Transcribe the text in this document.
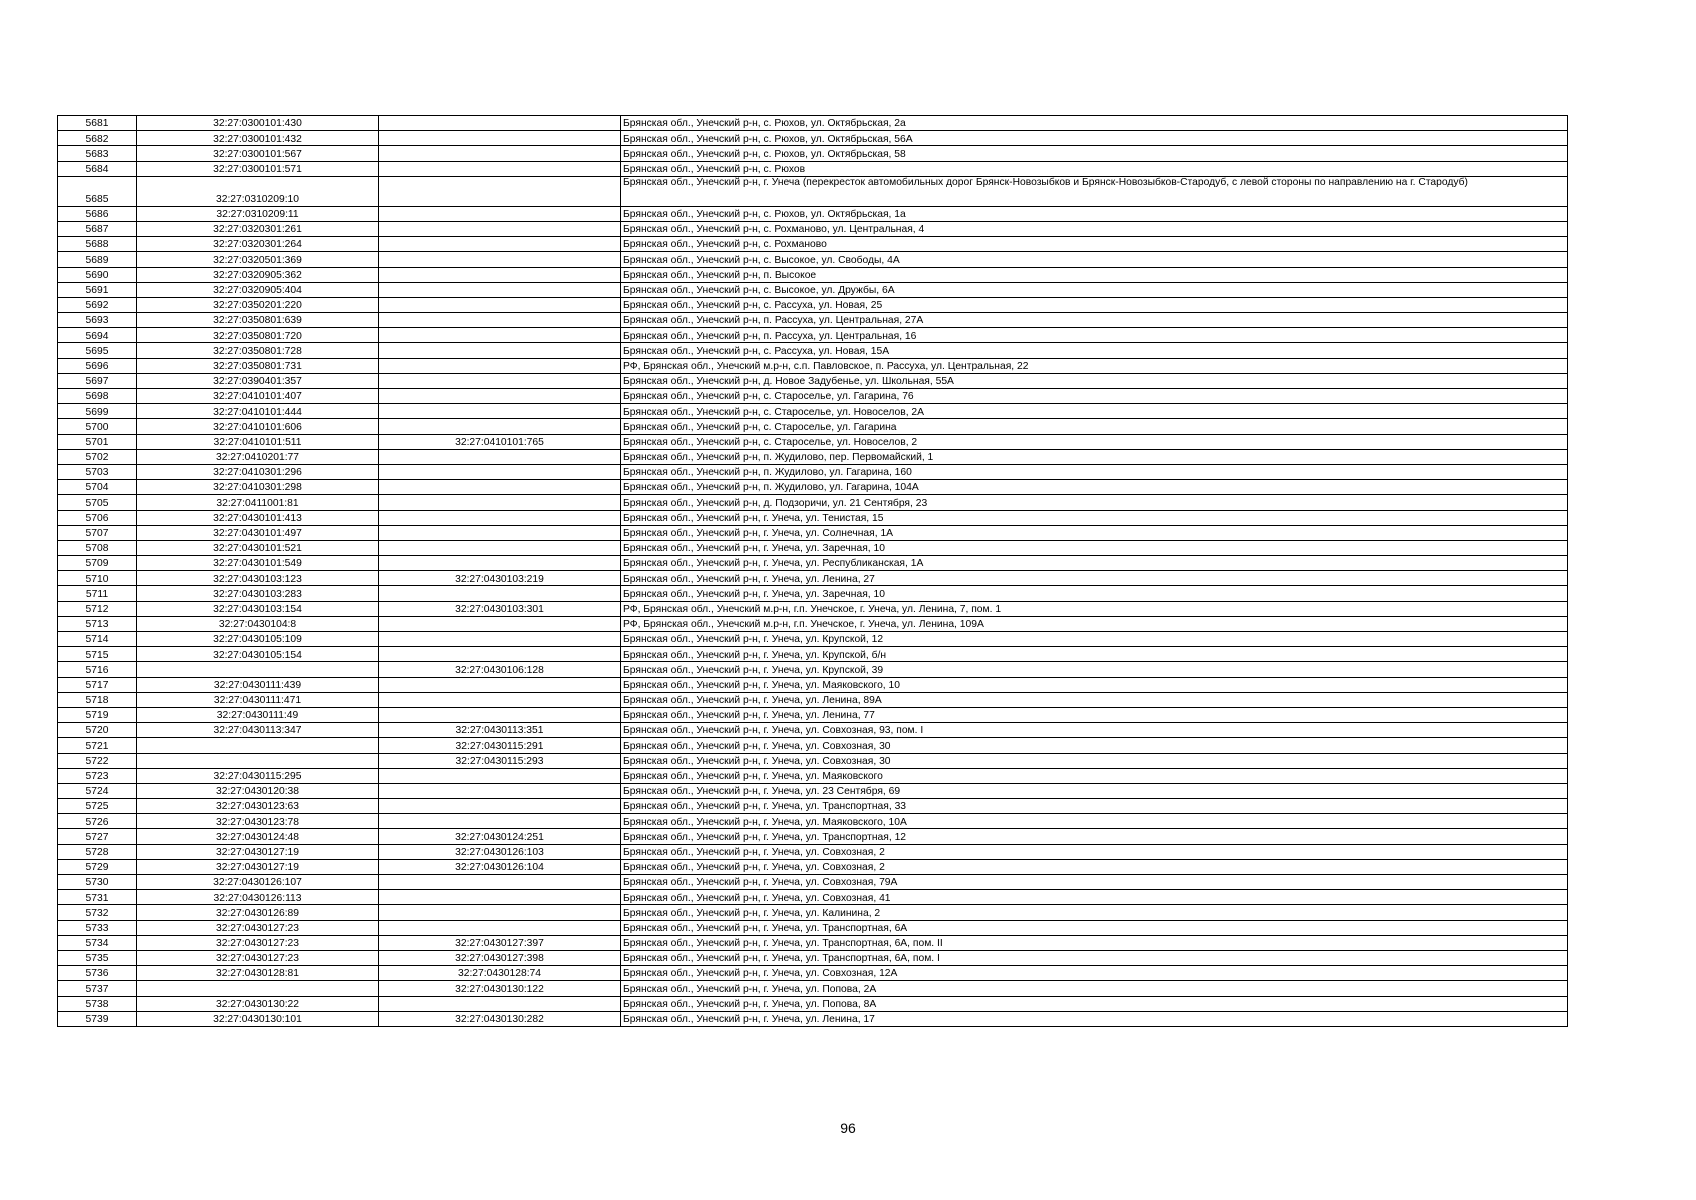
5681	32:27:0300101:430		Брянская обл., Унечский р-н, с. Рюхов, ул. Октябрьская, 2а
5682	32:27:0300101:432		Брянская обл., Унечский р-н, с. Рюхов, ул. Октябрьская, 56А
5683	32:27:0300101:567		Брянская обл., Унечский р-н, с. Рюхов, ул. Октябрьская, 58
5684	32:27:0300101:571		Брянская обл., Унечский р-н, с. Рюхов
5685	32:27:0310209:10		Брянская обл., Унечский р-н, г. Унеча (перекресток автомобильных дорог Брянск-Новозыбков и Брянск-Новозыбков-Стародуб, с левой стороны по направлению на г. Стародуб)
5686	32:27:0310209:11		Брянская обл., Унечский р-н, с. Рюхов, ул. Октябрьская, 1а
5687	32:27:0320301:261		Брянская обл., Унечский р-н, с. Рохманово, ул. Центральная, 4
5688	32:27:0320301:264		Брянская обл., Унечский р-н, с. Рохманово
5689	32:27:0320501:369		Брянская обл., Унечский р-н, с. Высокое, ул. Свободы, 4А
5690	32:27:0320905:362		Брянская обл., Унечский р-н, п. Высокое
5691	32:27:0320905:404		Брянская обл., Унечский р-н, с. Высокое, ул. Дружбы, 6А
5692	32:27:0350201:220		Брянская обл., Унечский р-н, с. Рассуха, ул. Новая, 25
5693	32:27:0350801:639		Брянская обл., Унечский р-н, п. Рассуха, ул. Центральная, 27А
5694	32:27:0350801:720		Брянская обл., Унечский р-н, п. Рассуха, ул. Центральная, 16
5695	32:27:0350801:728		Брянская обл., Унечский р-н, с. Рассуха, ул. Новая, 15А
5696	32:27:0350801:731		РФ, Брянская обл., Унечский м.р-н, с.п. Павловское, п. Рассуха, ул. Центральная, 22
5697	32:27:0390401:357		Брянская обл., Унечский р-н, д. Новое Задубенье, ул. Школьная, 55А
5698	32:27:0410101:407		Брянская обл., Унечский р-н, с. Староселье, ул. Гагарина, 76
5699	32:27:0410101:444		Брянская обл., Унечский р-н, с. Староселье, ул. Новоселов, 2А
5700	32:27:0410101:606		Брянская обл., Унечский р-н, с. Староселье, ул. Гагарина
5701	32:27:0410101:511	32:27:0410101:765	Брянская обл., Унечский р-н, с. Староселье, ул. Новоселов, 2
5702	32:27:0410201:77		Брянская обл., Унечский р-н, п. Жудилово, пер. Первомайский, 1
5703	32:27:0410301:296		Брянская обл., Унечский р-н, п. Жудилово, ул. Гагарина, 160
5704	32:27:0410301:298		Брянская обл., Унечский р-н, п. Жудилово, ул. Гагарина, 104А
5705	32:27:0411001:81		Брянская обл., Унечский р-н, д. Подзоричи, ул. 21 Сентября, 23
5706	32:27:0430101:413		Брянская обл., Унечский р-н, г. Унеча, ул. Тенистая, 15
5707	32:27:0430101:497		Брянская обл., Унечский р-н, г. Унеча, ул. Солнечная, 1А
5708	32:27:0430101:521		Брянская обл., Унечский р-н, г. Унеча, ул. Заречная, 10
5709	32:27:0430101:549		Брянская обл., Унечский р-н, г. Унеча, ул. Республиканская, 1А
5710	32:27:0430103:123	32:27:0430103:219	Брянская обл., Унечский р-н, г. Унеча, ул. Ленина, 27
5711	32:27:0430103:283		Брянская обл., Унечский р-н, г. Унеча, ул. Заречная, 10
5712	32:27:0430103:154	32:27:0430103:301	РФ, Брянская обл., Унечский м.р-н, г.п. Унечское, г. Унеча, ул. Ленина, 7, пом. 1
5713	32:27:0430104:8		РФ, Брянская обл., Унечский м.р-н, г.п. Унечское, г. Унеча, ул. Ленина, 109А
5714	32:27:0430105:109		Брянская обл., Унечский р-н, г. Унеча, ул. Крупской, 12
5715	32:27:0430105:154		Брянская обл., Унечский р-н, г. Унеча, ул. Крупской, б/н
5716		32:27:0430106:128	Брянская обл., Унечский р-н, г. Унеча, ул. Крупской, 39
5717	32:27:0430111:439		Брянская обл., Унечский р-н, г. Унеча, ул. Маяковского, 10
5718	32:27:0430111:471		Брянская обл., Унечский р-н, г. Унеча, ул. Ленина, 89А
5719	32:27:0430111:49		Брянская обл., Унечский р-н, г. Унеча, ул. Ленина, 77
5720	32:27:0430113:347	32:27:0430113:351	Брянская обл., Унечский р-н, г. Унеча, ул. Совхозная, 93, пом. I
5721		32:27:0430115:291	Брянская обл., Унечский р-н, г. Унеча, ул. Совхозная, 30
5722		32:27:0430115:293	Брянская обл., Унечский р-н, г. Унеча, ул. Совхозная, 30
5723	32:27:0430115:295		Брянская обл., Унечский р-н, г. Унеча, ул. Маяковского
5724	32:27:0430120:38		Брянская обл., Унечский р-н, г. Унеча, ул. 23 Сентября, 69
5725	32:27:0430123:63		Брянская обл., Унечский р-н, г. Унеча, ул. Транспортная, 33
5726	32:27:0430123:78		Брянская обл., Унечский р-н, г. Унеча, ул. Маяковского, 10А
5727	32:27:0430124:48	32:27:0430124:251	Брянская обл., Унечский р-н, г. Унеча, ул. Транспортная, 12
5728	32:27:0430127:19	32:27:0430126:103	Брянская обл., Унечский р-н, г. Унеча, ул. Совхозная, 2
5729	32:27:0430127:19	32:27:0430126:104	Брянская обл., Унечский р-н, г. Унеча, ул. Совхозная, 2
5730	32:27:0430126:107		Брянская обл., Унечский р-н, г. Унеча, ул. Совхозная, 79А
5731	32:27:0430126:113		Брянская обл., Унечский р-н, г. Унеча, ул. Совхозная, 41
5732	32:27:0430126:89		Брянская обл., Унечский р-н, г. Унеча, ул. Калинина, 2
5733	32:27:0430127:23		Брянская обл., Унечский р-н, г. Унеча, ул. Транспортная, 6А
5734	32:27:0430127:23	32:27:0430127:397	Брянская обл., Унечский р-н, г. Унеча, ул. Транспортная, 6А, пом. II
5735	32:27:0430127:23	32:27:0430127:398	Брянская обл., Унечский р-н, г. Унеча, ул. Транспортная, 6А, пом. I
5736	32:27:0430128:81	32:27:0430128:74	Брянская обл., Унечский р-н, г. Унеча, ул. Совхозная, 12А
5737		32:27:0430130:122	Брянская обл., Унечский р-н, г. Унеча, ул. Попова, 2А
5738	32:27:0430130:22		Брянская обл., Унечский р-н, г. Унеча, ул. Попова, 8А
5739	32:27:0430130:101	32:27:0430130:282	Брянская обл., Унечский р-н, г. Унеча, ул. Ленина, 17
96
